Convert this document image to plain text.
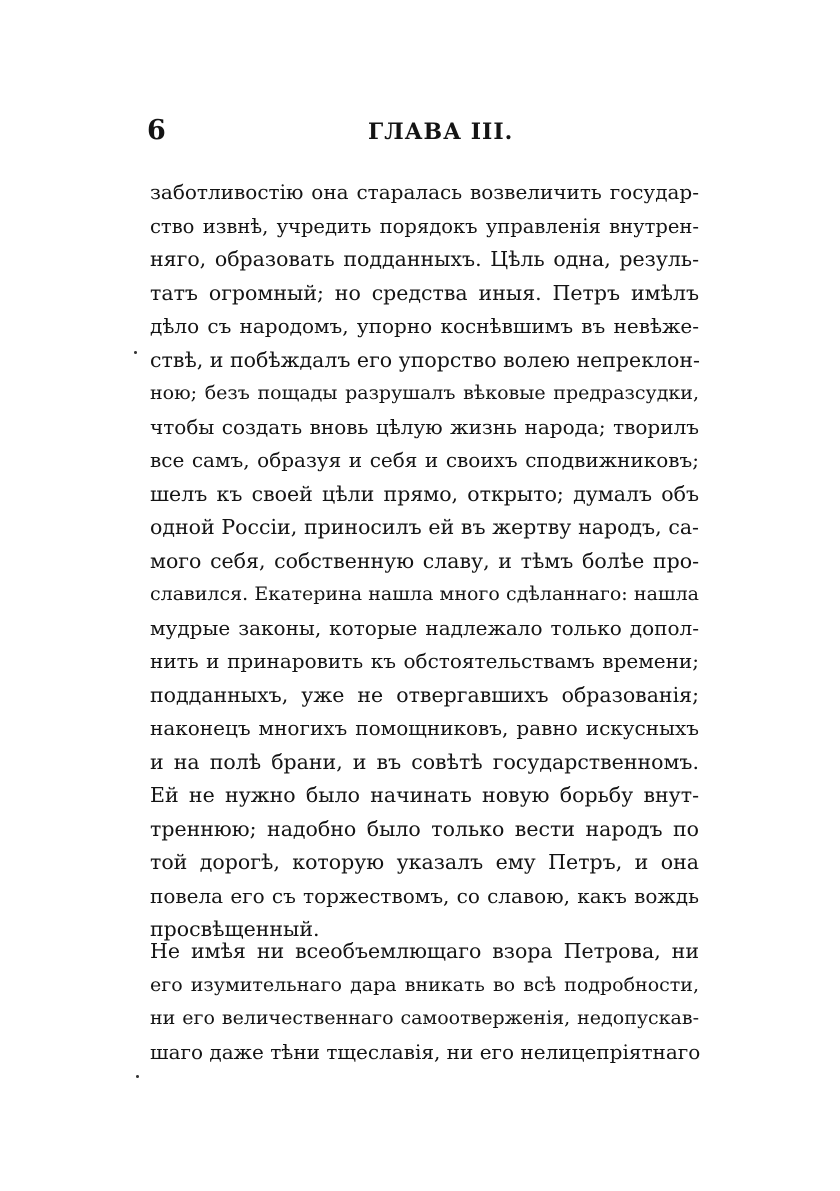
6	ГЛАВА III.
заботливостію она старалась возвеличить государ-
ство извнѣ, учредить порядокъ управленія внутрен-
няго, образовать подданныхъ. Цѣль одна, резуль-
татъ огромный; но средства иныя. Петръ имѣлъ
дѣло съ народомъ, упорно коснѣвшимъ въ невѣже-
ствѣ, и побѣждалъ его упорство волею непреклон-
ною; безъ пощады разрушалъ вѣковые предразсудки,
чтобы создать вновь цѣлую жизнь народа; творилъ
все самъ, образуя и себя и своихъ сподвижниковъ;
шелъ къ своей цѣли прямо, открыто; думалъ объ
одной Россіи, приносилъ ей въ жертву народъ, са-
мого себя, собственную славу, и тѣмъ болѣе про-
славился. Екатерина нашла много сдѣланнаго: нашла
мудрые законы, которые надлежало только допол-
нить и принаровить къ обстоятельствамъ времени;
подданныхъ, уже не отвергавшихъ образованія;
наконецъ многихъ помощниковъ, равно искусныхъ
и на полѣ брани, и въ совѣтѣ государственномъ.
Ей не нужно было начинать новую борьбу внут-
треннюю; надобно было только вести народъ по
той дорогѣ, которую указалъ ему Петръ, и она
повела его съ торжествомъ, со славою, какъ вождь
просвѣщенный.
Не имѣя ни всеобъемлющаго взора Петрова, ни
его изумительнаго дара вникать во всѣ подробности,
ни его величественнаго самоотверженія, недопускав-
шаго даже тѣни тщеславія, ни его нелицепріятнаго
